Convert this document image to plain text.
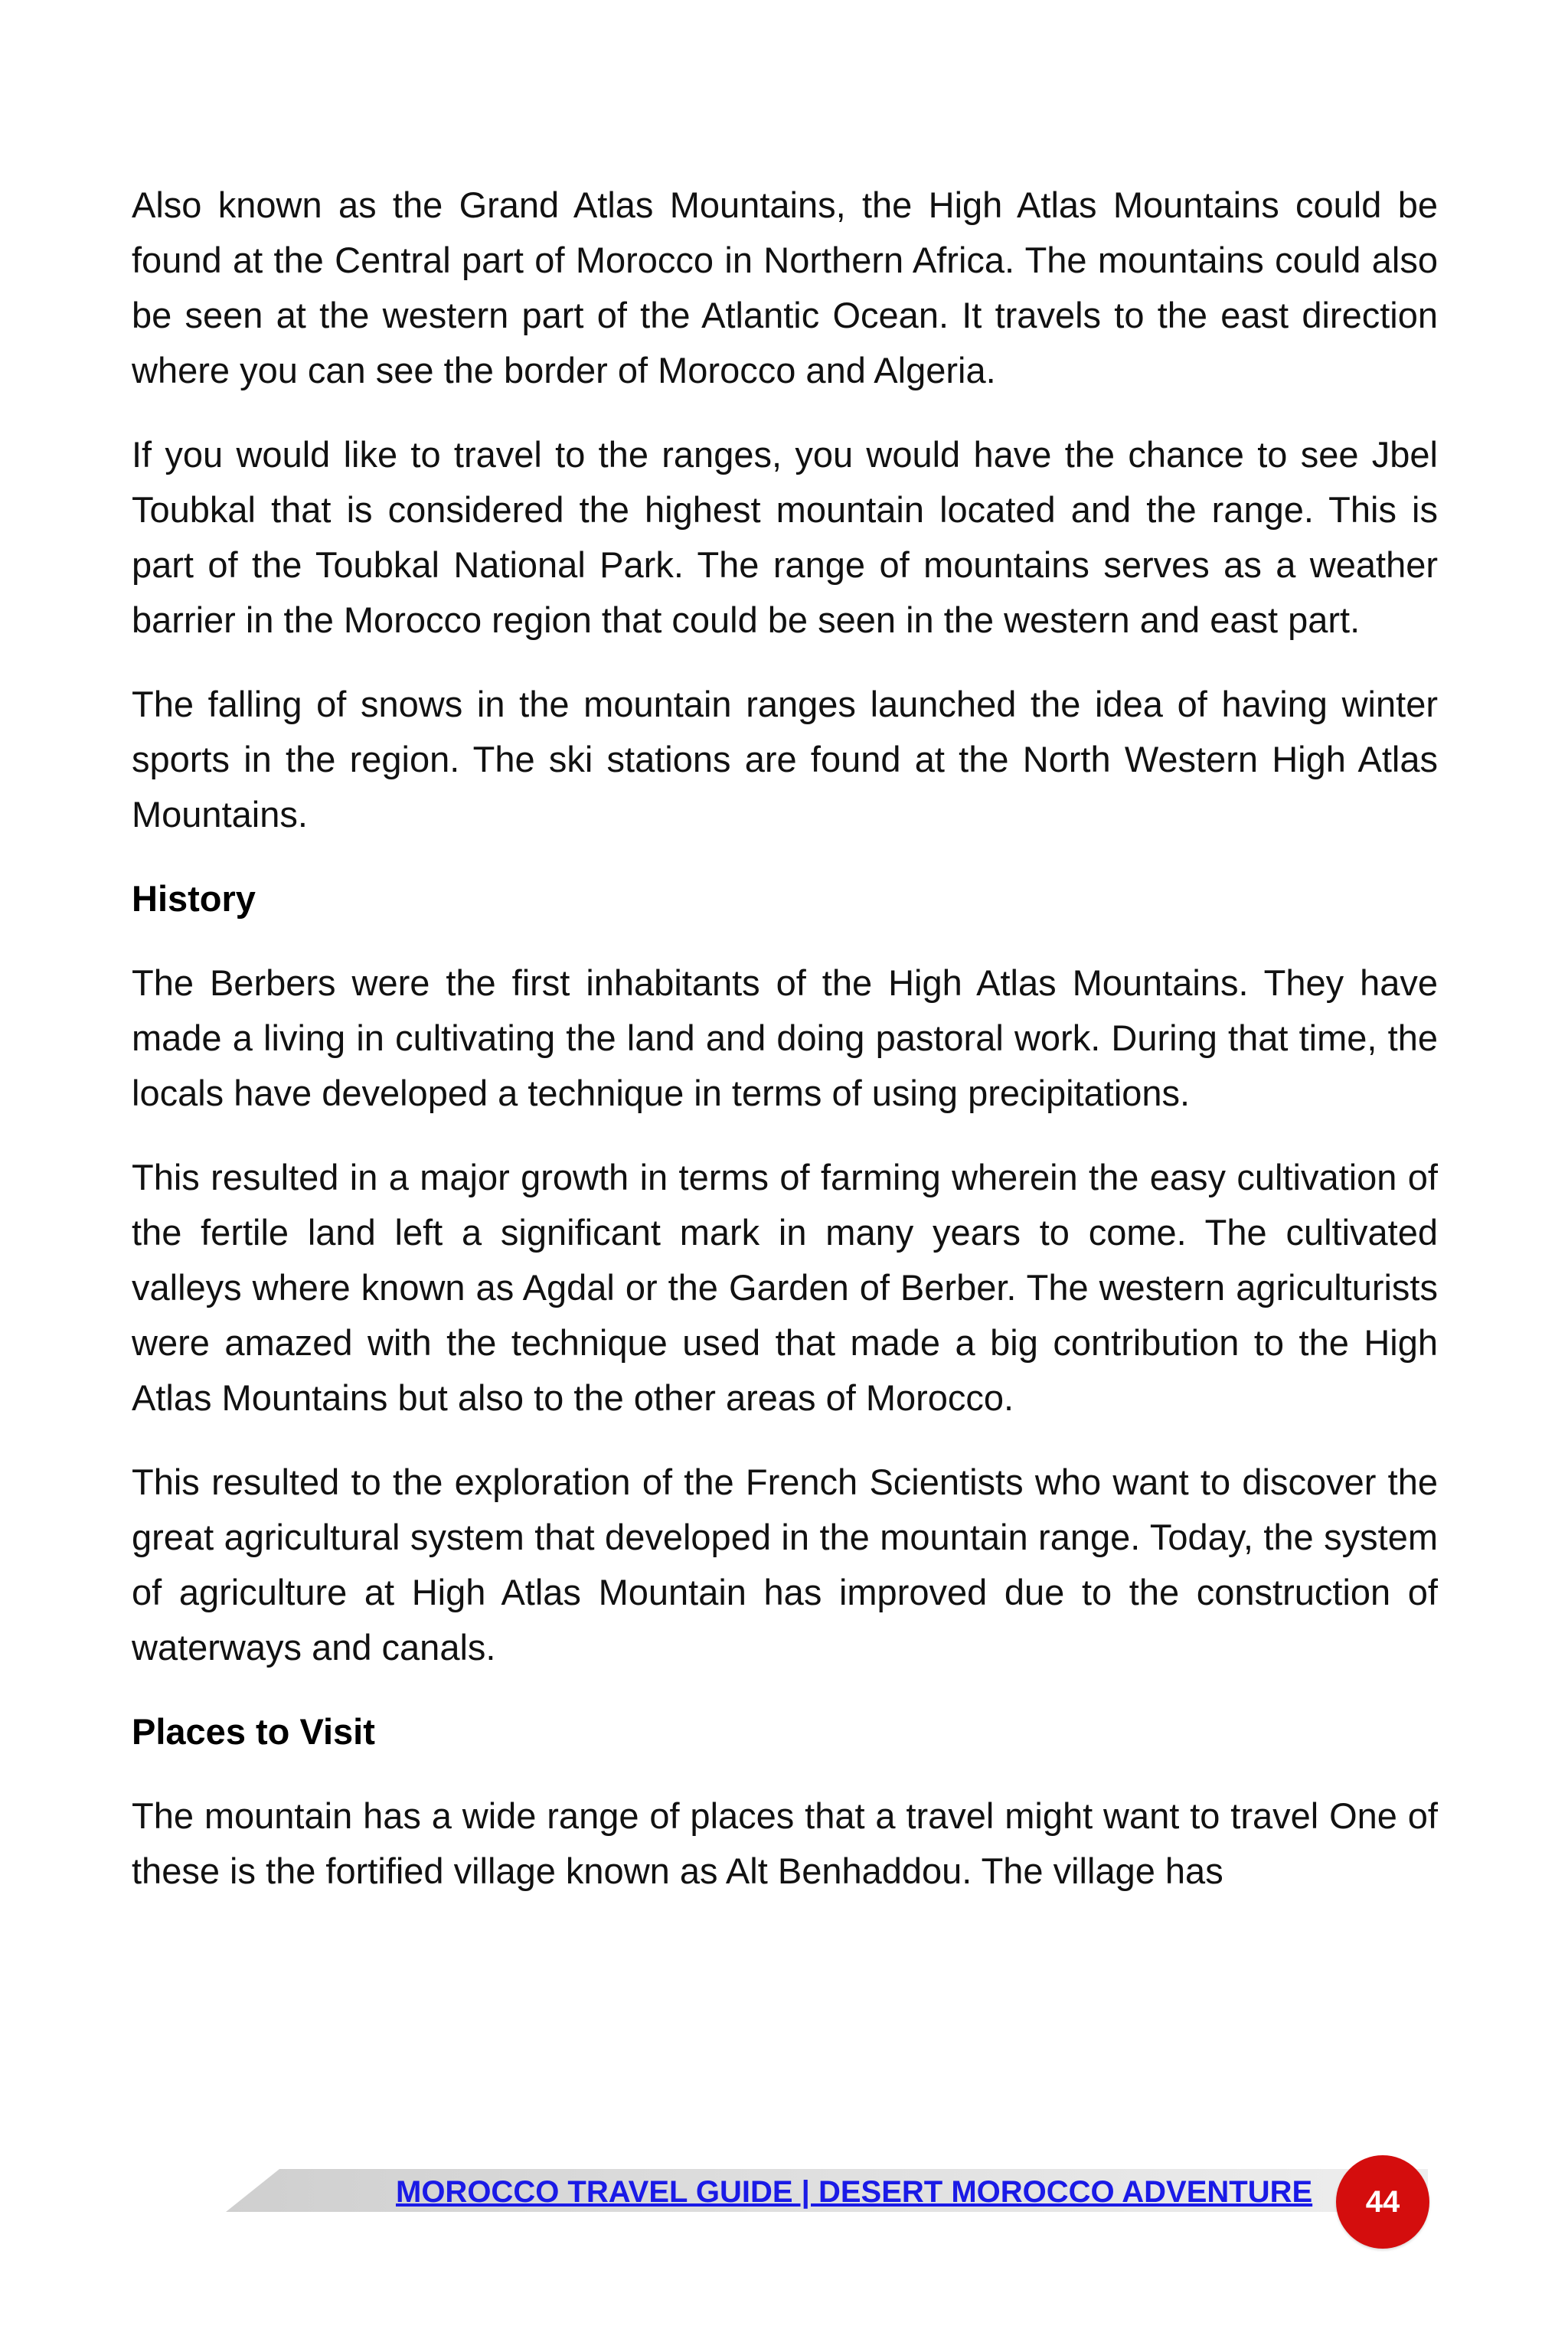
Also known as the Grand Atlas Mountains, the High Atlas Mountains could be found at the Central part of Morocco in Northern Africa. The mountains could also be seen at the western part of the Atlantic Ocean. It travels to the east direction where you can see the border of Morocco and Algeria.

If you would like to travel to the ranges, you would have the chance to see Jbel Toubkal that is considered the highest mountain located and the range. This is part of the Toubkal National Park. The range of mountains serves as a weather barrier in the Morocco region that could be seen in the western and east part.

The falling of snows in the mountain ranges launched the idea of having winter sports in the region. The ski stations are found at the North Western High Atlas Mountains.

History

The Berbers were the first inhabitants of the High Atlas Mountains. They have made a living in cultivating the land and doing pastoral work. During that time, the locals have developed a technique in terms of using precipitations.

This resulted in a major growth in terms of farming wherein the easy cultivation of the fertile land left a significant mark in many years to come. The cultivated valleys where known as Agdal or the Garden of Berber. The western agriculturists were amazed with the technique used that made a big contribution to the High Atlas Mountains but also to the other areas of Morocco.

This resulted to the exploration of the French Scientists who want to discover the great agricultural system that developed in the mountain range. Today, the system of agriculture at High Atlas Mountain has improved due to the construction of waterways and canals.

Places to Visit

The mountain has a wide range of places that a travel might want to travel One of these is the fortified village known as Alt Benhaddou. The village has

MOROCCO TRAVEL GUIDE | DESERT MOROCCO ADVENTURE	44
